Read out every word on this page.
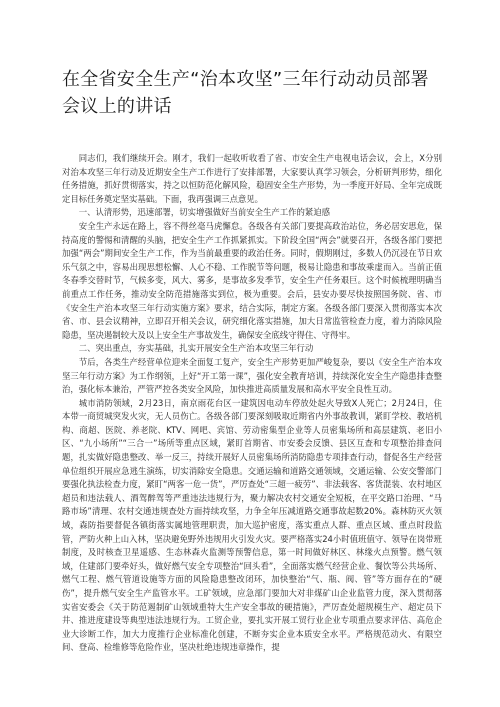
在全省安全生产“治本攻坚”三年行动动员部署会议上的讲话

同志们，我们继续开会。刚才，我们一起收听收看了省、市安全生产电视电话会议，会上，X分别对治本攻坚三年行动及近期安全生产工作进行了安排部署，大家要认真学习领会，分析研判形势，细化任务措施，抓好贯彻落实，持之以恒防范化解风险，稳固安全生产形势，为一季度开好局、全年完成既定目标任务奠定坚实基础。下面，我再强调三点意见。

一、认清形势，迅速部署，切实增强做好当前安全生产工作的紧迫感

安全生产永远在路上，容不得丝毫马虎懈怠。各级各有关部门要提高政治站位，务必居安思危，保持高度的警惕和清醒的头脑，把安全生产工作抓紧抓实。下阶段全国“两会”就要召开，各级各部门要把加强“两会”期间安全生产工作，作为当前最重要的政治任务。同时，假期刚过，多数人仍沉浸在节日欢乐气氛之中，容易出现思想松懈、人心不稳、工作脱节等问题，极易让隐患和事故乘虚而入。当前正值冬春季交替时节，气候多变，风大、雾多，是事故多发季节，安全生产任务艰巨。这个时候梳理明确当前重点工作任务，推动安全防范措施落实到位，极为重要。会后，县安办要尽快按照国务院、省、市《安全生产治本攻坚三年行动实施方案》要求，结合实际，制定方案。各级各部门要深入贯彻落实本次省、市、县会议精神，立即召开相关会议，研究细化落实措施，加大日常监管检查力度，着力消除风险隐患，坚决遏制较大及以上安全生产事故发生，确保安全底线守得住、守得牢。

二、突出重点，夯实基础，扎实开展安全生产治本攻坚三年行动

节后，各类生产经营单位迎来全面复工复产，安全生产形势更加严峻复杂，要以《安全生产治本攻坚三年行动方案》为工作纲领，上好“开工第一课”，强化安全教育培训，持续深化安全生产隐患排查整治，强化标本兼治，严管严控各类安全风险，加快推进高质量发展和高水平安全良性互动。

城市消防领域，2月23日，南京雨花台区一建筑因电动车停放处起火导致X人死亡；2月24日，住本带一商贸城突发火灾，无人员伤亡。各级各部门要深刻吸取近期省内外事故教训，紧盯学校、教培机构、商超、医院、养老院、KTV、网吧、宾馆、劳动密集型企业等人员密集场所和高层建筑、老旧小区、“九小场所”“三合一”场所等重点区域，紧盯首期省、市安委会反馈、县区互查和专项整治排查问题，扎实做好隐患整改、举一反三，持续开展好人员密集场所消防隐患专项排查行动，督促各生产经营单位组织开展应急逃生演练，切实消除安全隐患。交通运输和道路交通领域，交通运输、公安交警部门要强化执法检查力度，紧盯“两客一危一货”，严厉查处“三超一疲劳”、非法载客、客货混装、农村地区超员和违法载人、酒驾醉驾等严重违法违规行为，聚力解决农村交通安全短板，在平交路口治理、“马路市场”清理、农村交通违规查处方面持续攻坚，力争全年压减道路交通事故起数20%。森林防灭火领域，森防指要督促各镇街落实属地管理职责，加大巡护密度，落实重点人群、重点区域、重点时段监管，严防火种上山入林，坚决避免野外违规用火引发火灾。要严格落实24小时值班值守、领导在岗带班制度，及时核查卫星遥感、生态林森火监测等预警信息，第一时间做好林区、林缘火点预警。燃气领域，住建部门要牵好头，做好燃气安全专项整治“回头看”，全面落实燃气经营企业、餐饮等公共场所、燃气工程、燃气管道设施等方面的风险隐患整改闭环，加快整治“气、瓶、阀、管”等方面存在的“硬伤”，提升燃气安全生产监管水平。工矿领域，应急部门要加大对非煤矿山企业监管力度，深入贯彻落实省安委会《关于防范遏制矿山领域重特大生产安全事故的硬措施》，严厉查处超规模生产、超定员下井、推进度建设等典型违法违规行为。工贸企业，要扎实开展工贸行业企业专项重点要求评估、高危企业大诊断工作，加大力度推行企业标准化创建，不断夯实企业本质安全水平。严格规范动火、有限空间、登高、检维修等危险作业，坚决杜绝违规违章操作，提
